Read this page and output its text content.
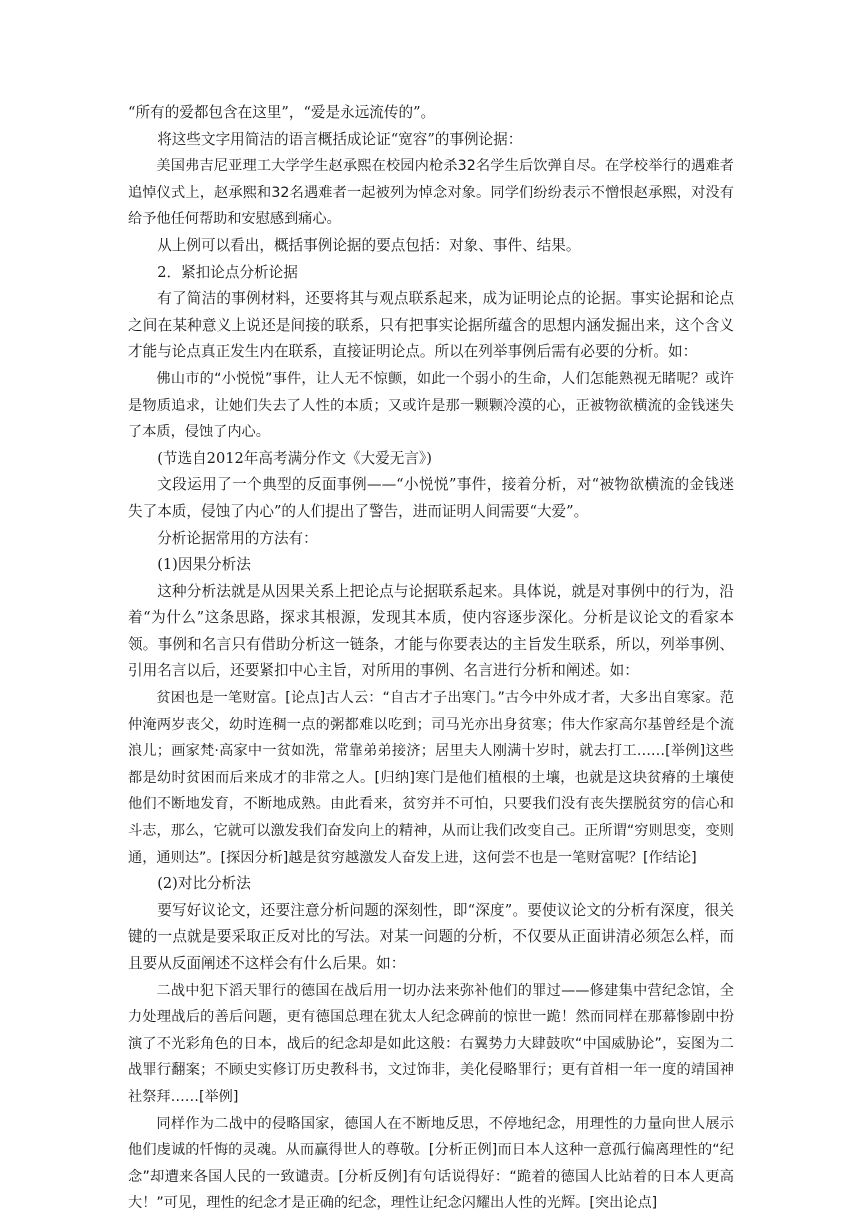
“所有的爱都包含在这里”，“爱是永远流传的”。

将这些文字用简洁的语言概括成论证“宽容”的事例论据：

美国弗吉尼亚理工大学学生赵承熙在校园内枪杀32名学生后饮弹自尽。在学校举行的遇难者追悼仪式上，赵承熙和32名遇难者一起被列为悼念对象。同学们纷纷表示不憎恨赵承熙，对没有给予他任何帮助和安慰感到痛心。

从上例可以看出，概括事例论据的要点包括：对象、事件、结果。

2．紧扣论点分析论据

有了简洁的事例材料，还要将其与观点联系起来，成为证明论点的论据。事实论据和论点之间在某种意义上说还是间接的联系，只有把事实论据所蕴含的思想内涵发掘出来，这个含义才能与论点真正发生内在联系，直接证明论点。所以在列举事例后需有必要的分析。如：

佛山市的“小悦悦”事件，让人无不惊颤，如此一个弱小的生命，人们怎能熟视无睹呢？或许是物质追求，让她们失去了人性的本质；又或许是那一颗颗冷漠的心，正被物欲横流的金钱迷失了本质，侵蚀了内心。

(节选自2012年高考满分作文《大爱无言》)

文段运用了一个典型的反面事例——“小悦悦”事件，接着分析，对“被物欲横流的金钱迷失了本质，侵蚀了内心”的人们提出了警告，进而证明人间需要“大爱”。

分析论据常用的方法有：

(1)因果分析法

这种分析法就是从因果关系上把论点与论据联系起来。具体说，就是对事例中的行为，沿着“为什么”这条思路，探求其根源，发现其本质，使内容逐步深化。分析是议论文的看家本领。事例和名言只有借助分析这一链条，才能与你要表达的主旨发生联系，所以，列举事例、引用名言以后，还要紧扣中心主旨，对所用的事例、名言进行分析和阐述。如：

贫困也是一笔财富。[论点]古人云：“自古才子出寒门。”古今中外成才者，大多出自寒家。范仲淹两岁丧父，幼时连稠一点的粥都难以吃到；司马光亦出身贫寒；伟大作家高尔基曾经是个流浪儿；画家梵·高家中一贫如洗，常靠弟弟接济；居里夫人刚满十岁时，就去打工……[举例]这些都是幼时贫困而后来成才的非常之人。[归纳]寒门是他们植根的土壤，也就是这块贫瘠的土壤使他们不断地发育，不断地成熟。由此看来，贫穷并不可怕，只要我们没有丧失摆脱贫穷的信心和斗志，那么，它就可以激发我们奋发向上的精神，从而让我们改变自己。正所谓“穷则思变，变则通，通则达”。[探因分析]越是贫穷越激发人奋发上进，这何尝不也是一笔财富呢？[作结论]

(2)对比分析法

要写好议论文，还要注意分析问题的深刻性，即“深度”。要使议论文的分析有深度，很关键的一点就是要采取正反对比的写法。对某一问题的分析，不仅要从正面讲清必须怎么样，而且要从反面阐述不这样会有什么后果。如：

二战中犯下滔天罪行的德国在战后用一切办法来弥补他们的罪过——修建集中营纪念馆，全力处理战后的善后问题，更有德国总理在犹太人纪念碑前的惊世一跪！然而同样在那幕惨剧中扮演了不光彩角色的日本，战后的纪念却是如此这般：右翼势力大肆鼓吹“中国威胁论”，妄图为二战罪行翻案；不顾史实修订历史教科书，文过饰非，美化侵略罪行；更有首相一年一度的靖国神社祭拜……[举例]

同样作为二战中的侵略国家，德国人在不断地反思，不停地纪念，用理性的力量向世人展示他们虔诚的忏悔的灵魂。从而赢得世人的尊敬。[分析正例]而日本人这种一意孤行偏离理性的“纪念”却遭来各国人民的一致谴责。[分析反例]有句话说得好：“跪着的德国人比站着的日本人更高大！”可见，理性的纪念才是正确的纪念，理性让纪念闪耀出人性的光辉。[突出论点]
